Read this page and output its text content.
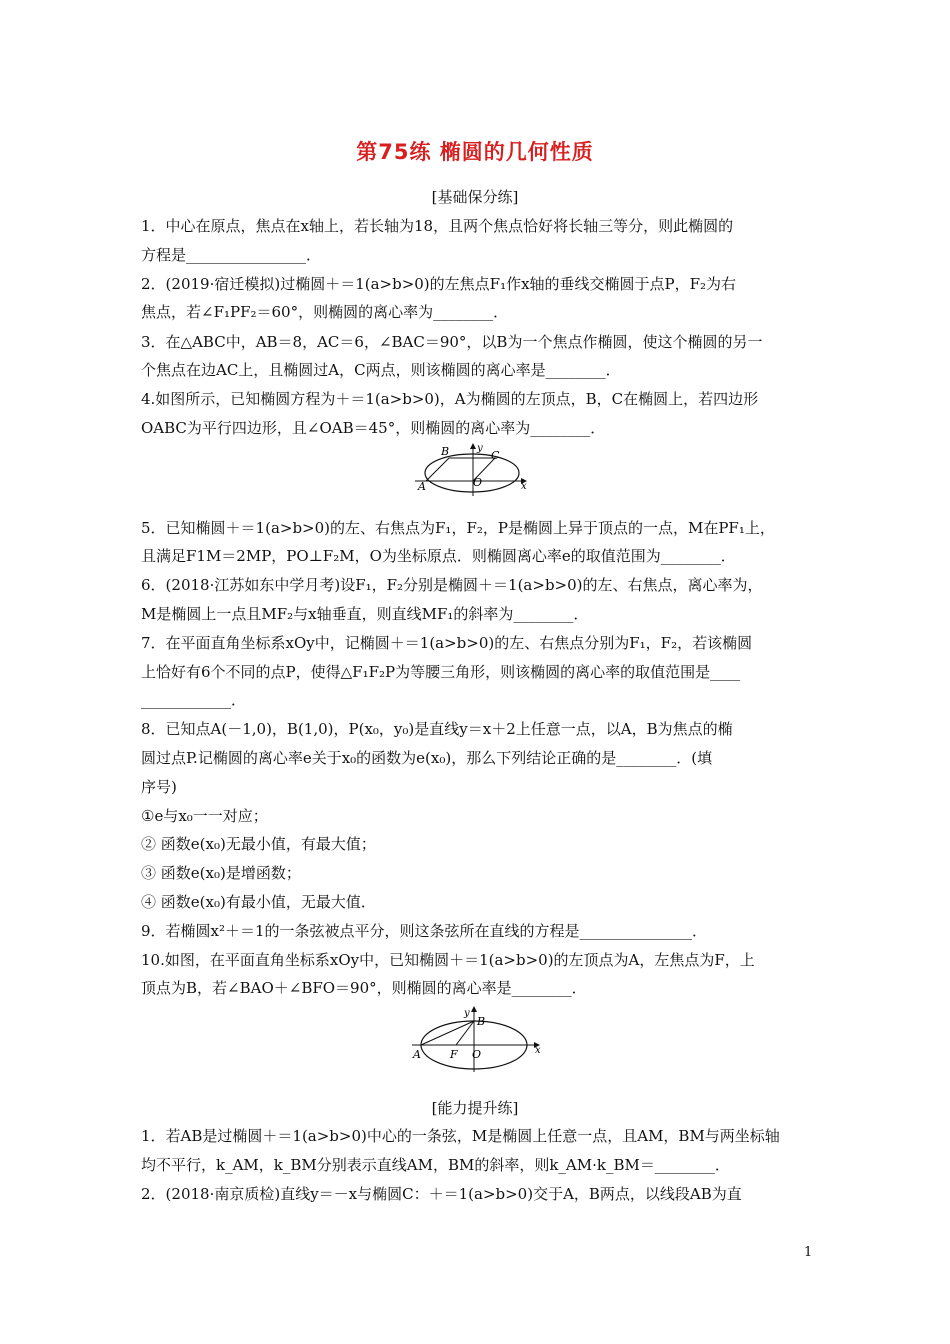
第75练 椭圆的几何性质
[基础保分练]
1．中心在原点，焦点在x轴上，若长轴为18，且两个焦点恰好将长轴三等分，则此椭圆的
方程是________________．
2．(2019·宿迁模拟)过椭圆＋＝1(a>b>0)的左焦点F₁作x轴的垂线交椭圆于点P，F₂为右
焦点，若∠F₁PF₂＝60°，则椭圆的离心率为________．
3．在△ABC中，AB＝8，AC＝6，∠BAC＝90°，以B为一个焦点作椭圆，使这个椭圆的另一
个焦点在边AC上，且椭圆过A，C两点，则该椭圆的离心率是________．
4.如图所示，已知椭圆方程为＋＝1(a>b>0)，A为椭圆的左顶点，B，C在椭圆上，若四边形
OABC为平行四边形，且∠OAB＝45°，则椭圆的离心率为________．
y
x
B	C
A	O
5．已知椭圆＋＝1(a>b>0)的左、右焦点为F₁，F₂，P是椭圆上异于顶点的一点，M在PF₁上，
且满足F1M＝2MP，PO⊥F₂M，O为坐标原点．则椭圆离心率e的取值范围为________．
6．(2018·江苏如东中学月考)设F₁，F₂分别是椭圆＋＝1(a>b>0)的左、右焦点，离心率为，
M是椭圆上一点且MF₂与x轴垂直，则直线MF₁的斜率为________．
7．在平面直角坐标系xOy中，记椭圆＋＝1(a>b>0)的左、右焦点分别为F₁，F₂，若该椭圆
上恰好有6个不同的点P，使得△F₁F₂P为等腰三角形，则该椭圆的离心率的取值范围是____
____________．
8．已知点A(－1,0)，B(1,0)，P(x₀，y₀)是直线y＝x＋2上任意一点，以A，B为焦点的椭
圆过点P.记椭圆的离心率e关于x₀的函数为e(x₀)，那么下列结论正确的是________．(填
序号)
①e与x₀一一对应；
② 函数e(x₀)无最小值，有最大值；
③ 函数e(x₀)是增函数；
④ 函数e(x₀)有最小值，无最大值．
9．若椭圆x²＋＝1的一条弦被点平分，则这条弦所在直线的方程是_______________．
10.如图，在平面直角坐标系xOy中，已知椭圆＋＝1(a>b>0)的左顶点为A，左焦点为F，上
顶点为B，若∠BAO＋∠BFO＝90°，则椭圆的离心率是________．
y
x
B
A	F O
[能力提升练]
1．若AB是过椭圆＋＝1(a>b>0)中心的一条弦，M是椭圆上任意一点，且AM，BM与两坐标轴
均不平行，k_AM，k_BM分别表示直线AM，BM的斜率，则k_AM·k_BM＝________．
2．(2018·南京质检)直线y＝－x与椭圆C：＋＝1(a>b>0)交于A，B两点，以线段AB为直
1
